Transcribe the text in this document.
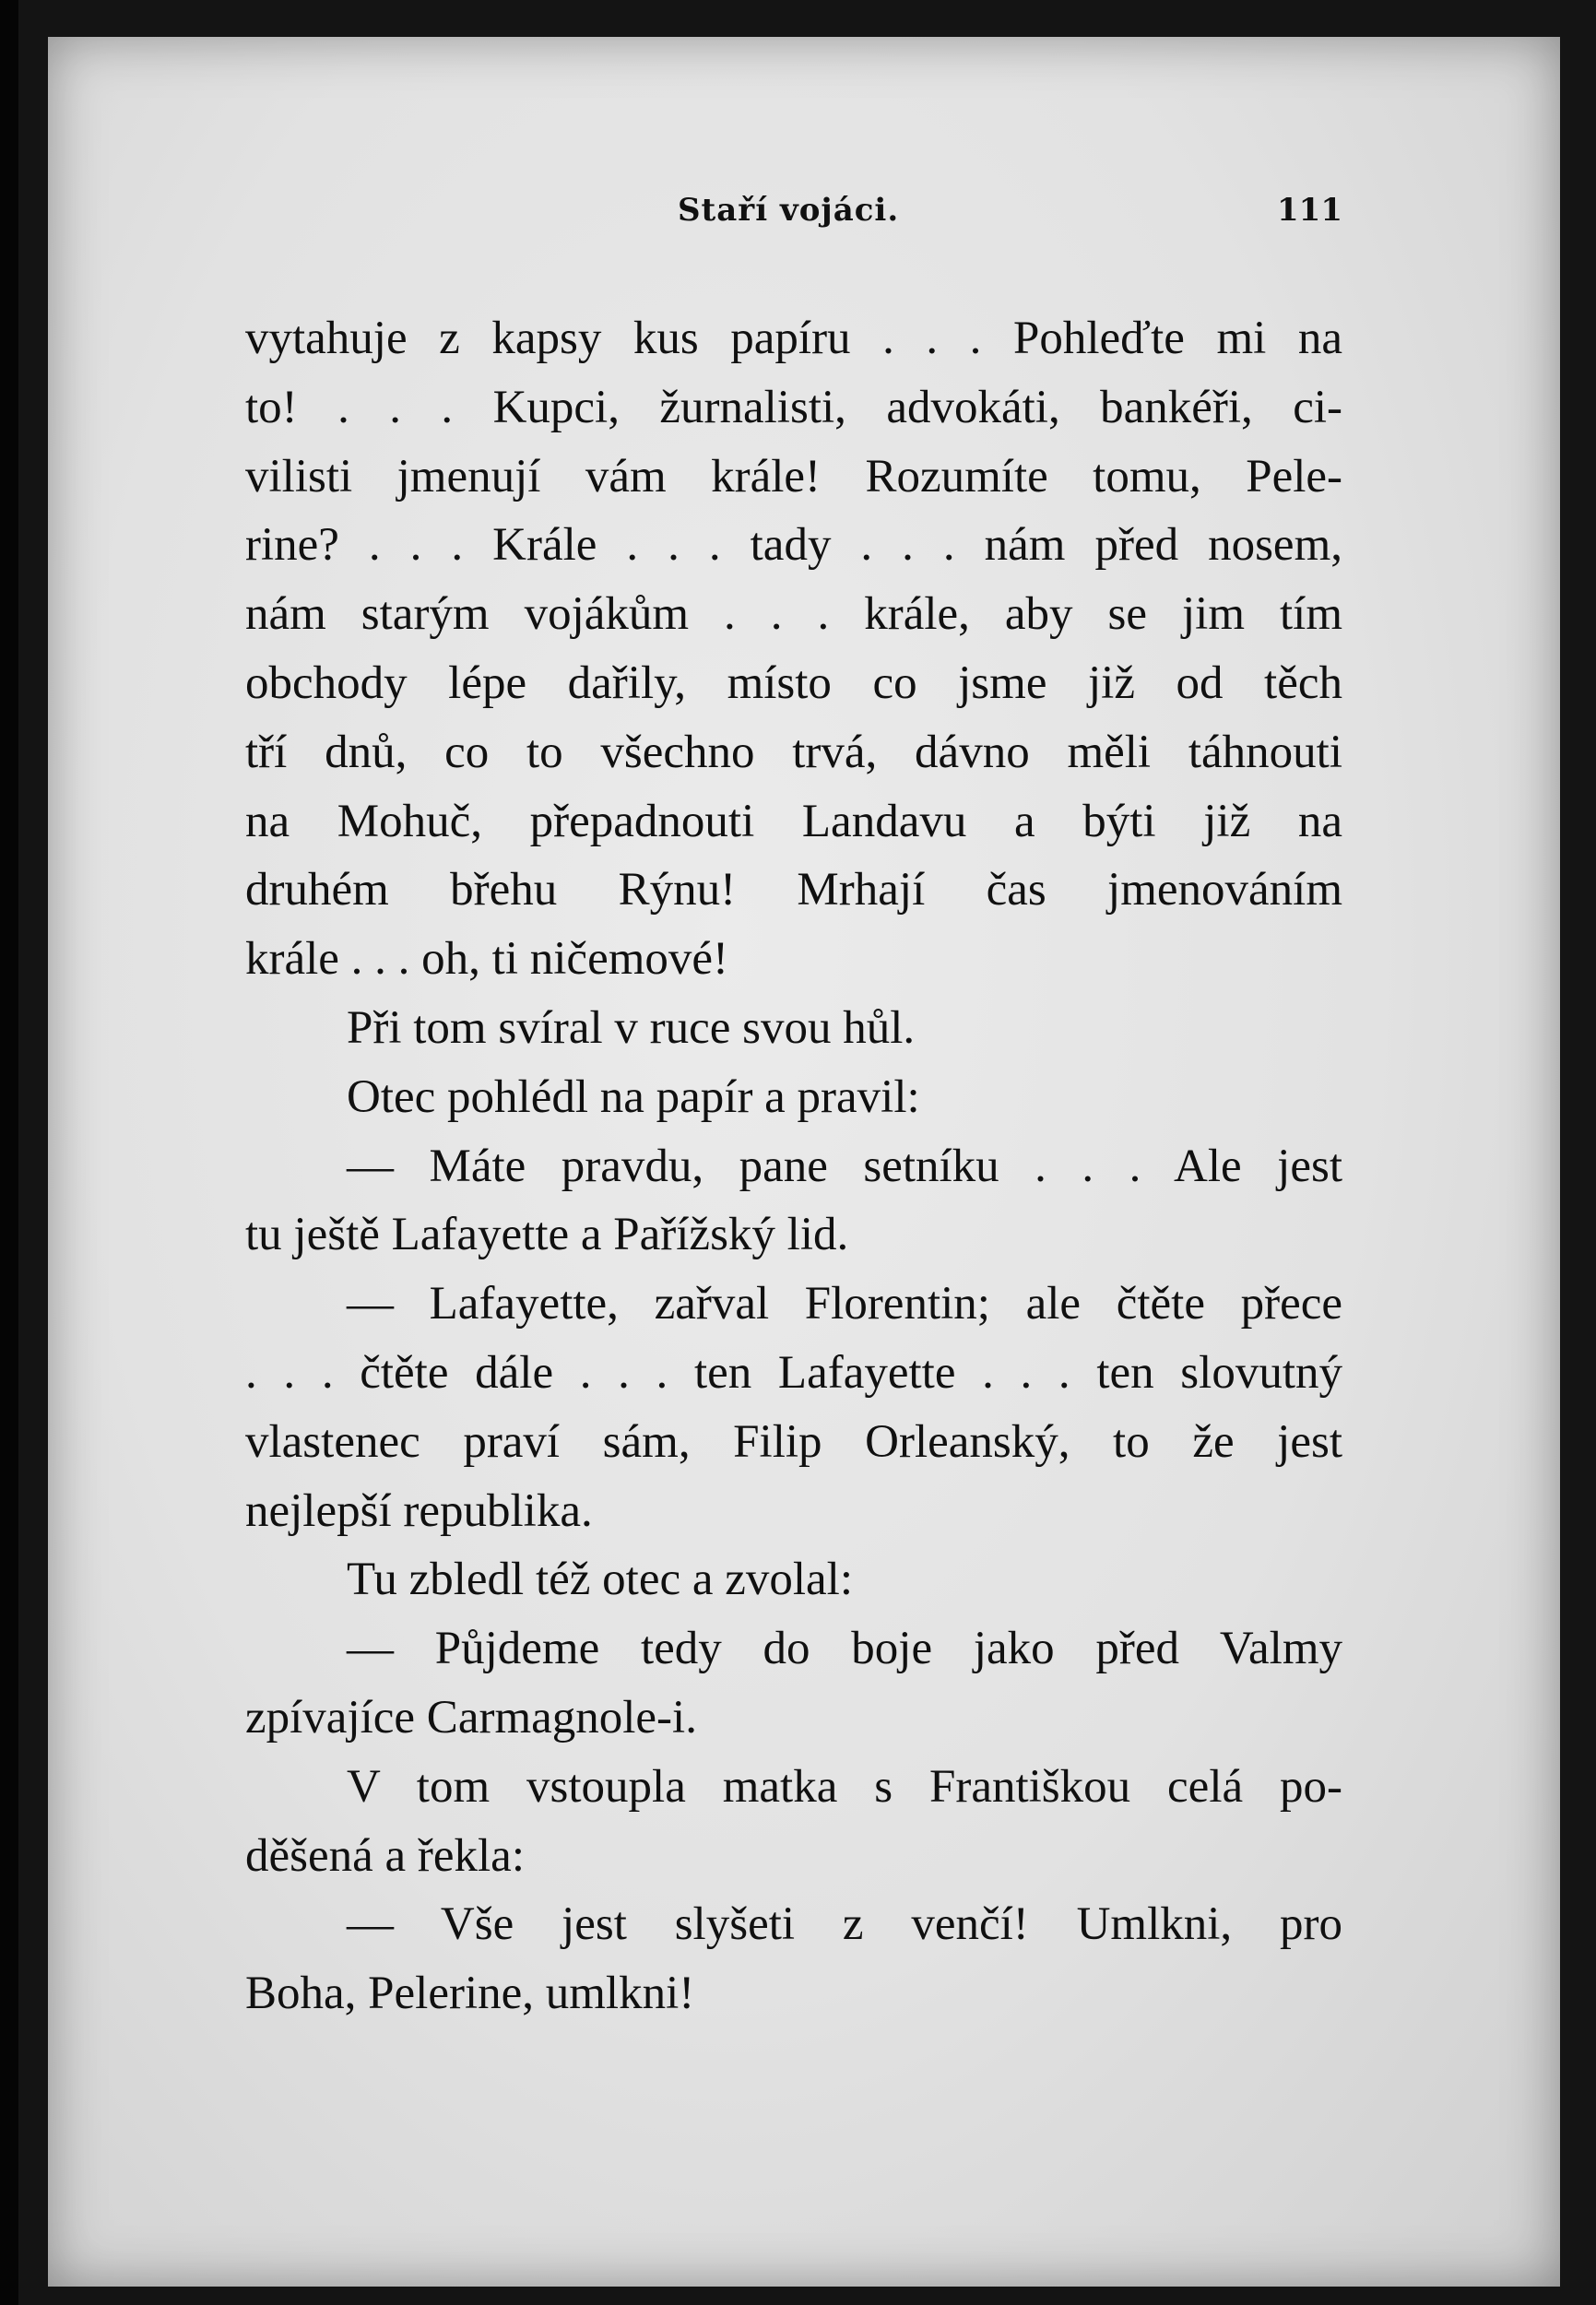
Staří vojáci.	111
vytahuje z kapsy kus papíru . . . Pohleďte mi na
to! . . . Kupci, žurnalisti, advokáti, bankéři, ci-
vilisti jmenují vám krále! Rozumíte tomu, Pele-
rine? . . . Krále . . . tady . . . nám před nosem,
nám starým vojákům . . . krále, aby se jim tím
obchody lépe dařily, místo co jsme již od těch
tří dnů, co to všechno trvá, dávno měli táhnouti
na Mohuč, přepadnouti Landavu a býti již na
druhém břehu Rýnu! Mrhají čas jmenováním
krále . . . oh, ti ničemové!
Při tom svíral v ruce svou hůl.
Otec pohlédl na papír a pravil:
— Máte pravdu, pane setníku . . . Ale jest
tu ještě Lafayette a Pařížský lid.
— Lafayette, zařval Florentin; ale čtěte přece
. . . čtěte dále . . . ten Lafayette . . . ten slovutný
vlastenec praví sám, Filip Orleanský, to že jest
nejlepší republika.
Tu zbledl též otec a zvolal:
— Půjdeme tedy do boje jako před Valmy
zpívajíce Carmagnole-i.
V tom vstoupla matka s Františkou celá po-
děšená a řekla:
— Vše jest slyšeti z venčí! Umlkni, pro
Boha, Pelerine, umlkni!
